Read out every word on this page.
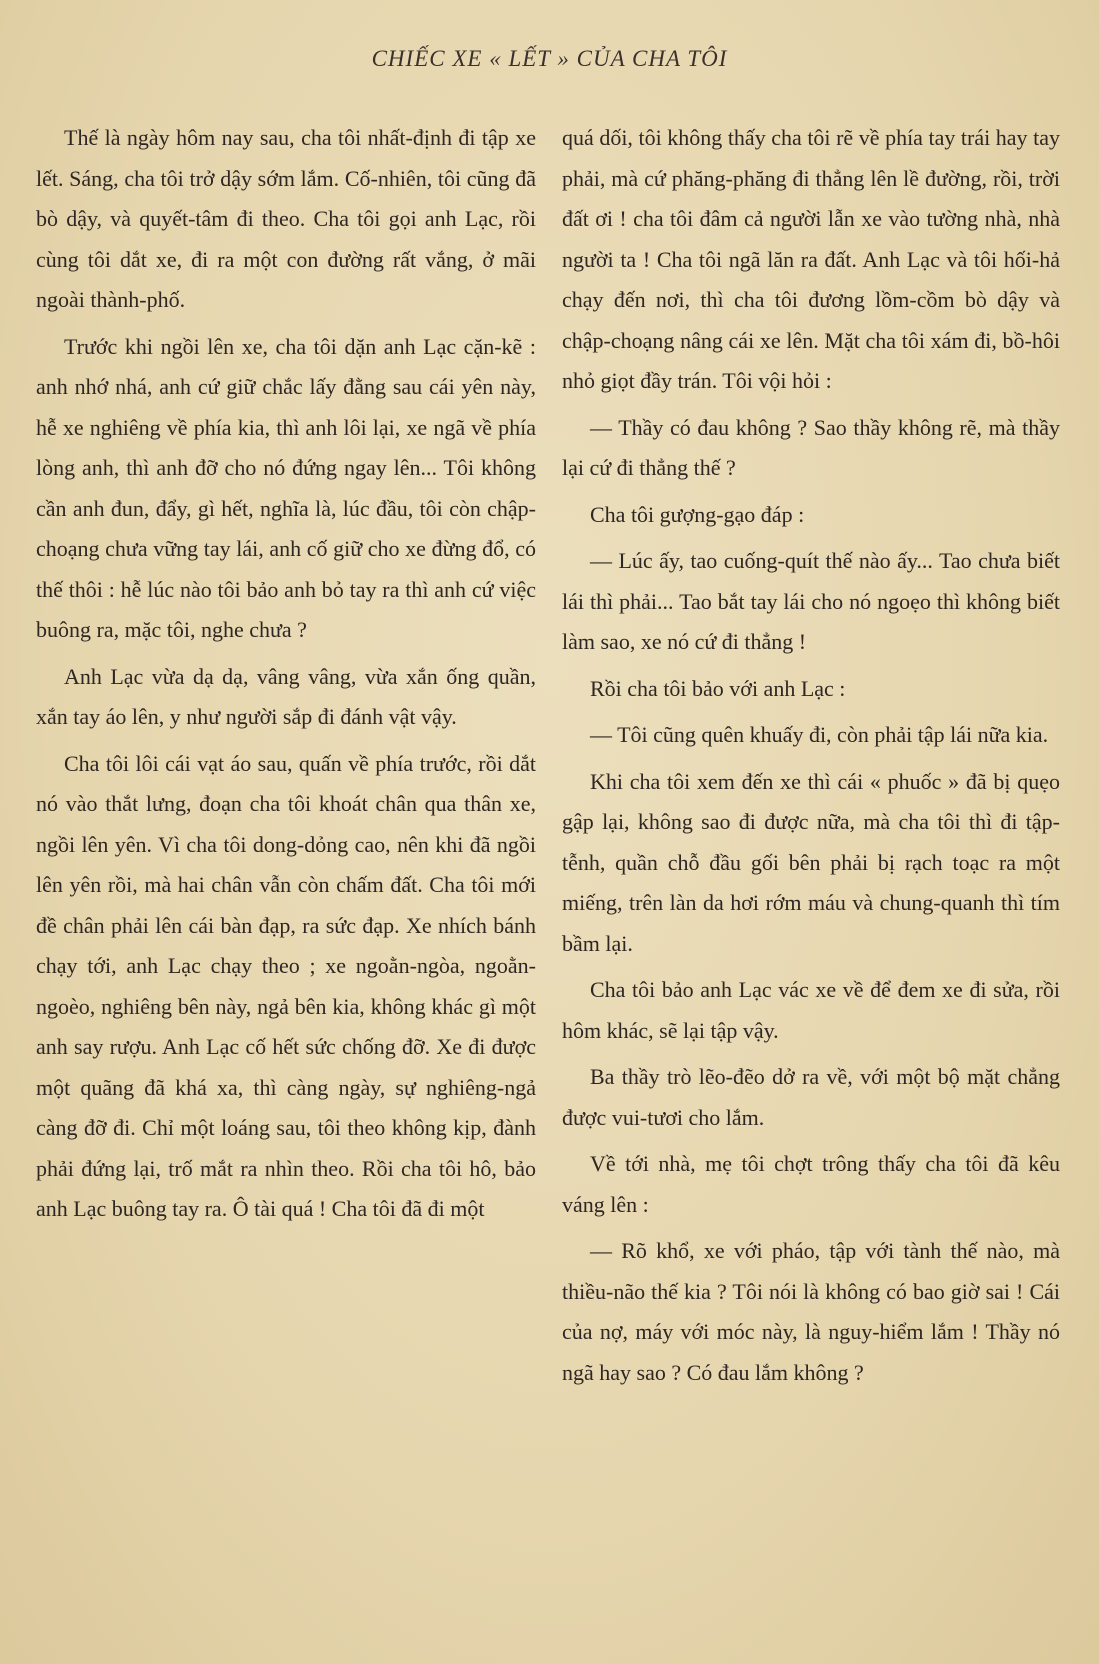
CHIẾC XE « LẾT » CỦA CHA TÔI

Thế là ngày hôm nay sau, cha tôi nhất-định đi tập xe lết. Sáng, cha tôi trở dậy sớm lắm. Cố-nhiên, tôi cũng đã bò dậy, và quyết-tâm đi theo. Cha tôi gọi anh Lạc, rồi cùng tôi dắt xe, đi ra một con đường rất vắng, ở mãi ngoài thành-phố.

Trước khi ngồi lên xe, cha tôi dặn anh Lạc cặn-kẽ : anh nhớ nhá, anh cứ giữ chắc lấy đằng sau cái yên này, hễ xe nghiêng về phía kia, thì anh lôi lại, xe ngã về phía lòng anh, thì anh đỡ cho nó đứng ngay lên... Tôi không cần anh đun, đẩy, gì hết, nghĩa là, lúc đầu, tôi còn chập-choạng chưa vững tay lái, anh cố giữ cho xe đừng đổ, có thế thôi : hễ lúc nào tôi bảo anh bỏ tay ra thì anh cứ việc buông ra, mặc tôi, nghe chưa ?

Anh Lạc vừa dạ dạ, vâng vâng, vừa xắn ống quần, xắn tay áo lên, y như người sắp đi đánh vật vậy.

Cha tôi lôi cái vạt áo sau, quấn về phía trước, rồi dắt nó vào thắt lưng, đoạn cha tôi khoát chân qua thân xe, ngồi lên yên. Vì cha tôi dong-dỏng cao, nên khi đã ngồi lên yên rồi, mà hai chân vẫn còn chấm đất. Cha tôi mới đề chân phải lên cái bàn đạp, ra sức đạp. Xe nhích bánh chạy tới, anh Lạc chạy theo ; xe ngoằn-ngòa, ngoằn-ngoèo, nghiêng bên này, ngả bên kia, không khác gì một anh say rượu. Anh Lạc cố hết sức chống đỡ. Xe đi được một quãng đã khá xa, thì càng ngày, sự nghiêng-ngả càng đỡ đi. Chỉ một loáng sau, tôi theo không kịp, đành phải đứng lại, trố mắt ra nhìn theo. Rồi cha tôi hô, bảo anh Lạc buông tay ra. Ô tài quá ! Cha tôi đã đi một

quá dối, tôi không thấy cha tôi rẽ về phía tay trái hay tay phải, mà cứ phăng-phăng đi thẳng lên lề đường, rồi, trời đất ơi ! cha tôi đâm cả người lẫn xe vào tường nhà, nhà người ta ! Cha tôi ngã lăn ra đất. Anh Lạc và tôi hối-hả chạy đến nơi, thì cha tôi đương lồm-cồm bò dậy và chập-choạng nâng cái xe lên. Mặt cha tôi xám đi, bồ-hôi nhỏ giọt đầy trán. Tôi vội hỏi :

— Thầy có đau không ? Sao thầy không rẽ, mà thầy lại cứ đi thẳng thế ?

Cha tôi gượng-gạo đáp :

— Lúc ấy, tao cuống-quít thế nào ấy... Tao chưa biết lái thì phải... Tao bắt tay lái cho nó ngoẹo thì không biết làm sao, xe nó cứ đi thẳng !

Rồi cha tôi bảo với anh Lạc :

— Tôi cũng quên khuấy đi, còn phải tập lái nữa kia.

Khi cha tôi xem đến xe thì cái « phuốc » đã bị quẹo gập lại, không sao đi được nữa, mà cha tôi thì đi tập-tễnh, quần chỗ đầu gối bên phải bị rạch toạc ra một miếng, trên làn da hơi rớm máu và chung-quanh thì tím bầm lại.

Cha tôi bảo anh Lạc vác xe về để đem xe đi sửa, rồi hôm khác, sẽ lại tập vậy.

Ba thầy trò lẽo-đẽo dở ra về, với một bộ mặt chẳng được vui-tươi cho lắm.

Về tới nhà, mẹ tôi chợt trông thấy cha tôi đã kêu váng lên :

— Rõ khổ, xe với pháo, tập với tành thế nào, mà thiều-não thế kia ? Tôi nói là không có bao giờ sai ! Cái của nợ, máy với móc này, là nguy-hiểm lắm ! Thầy nó ngã hay sao ? Có đau lắm không ?
